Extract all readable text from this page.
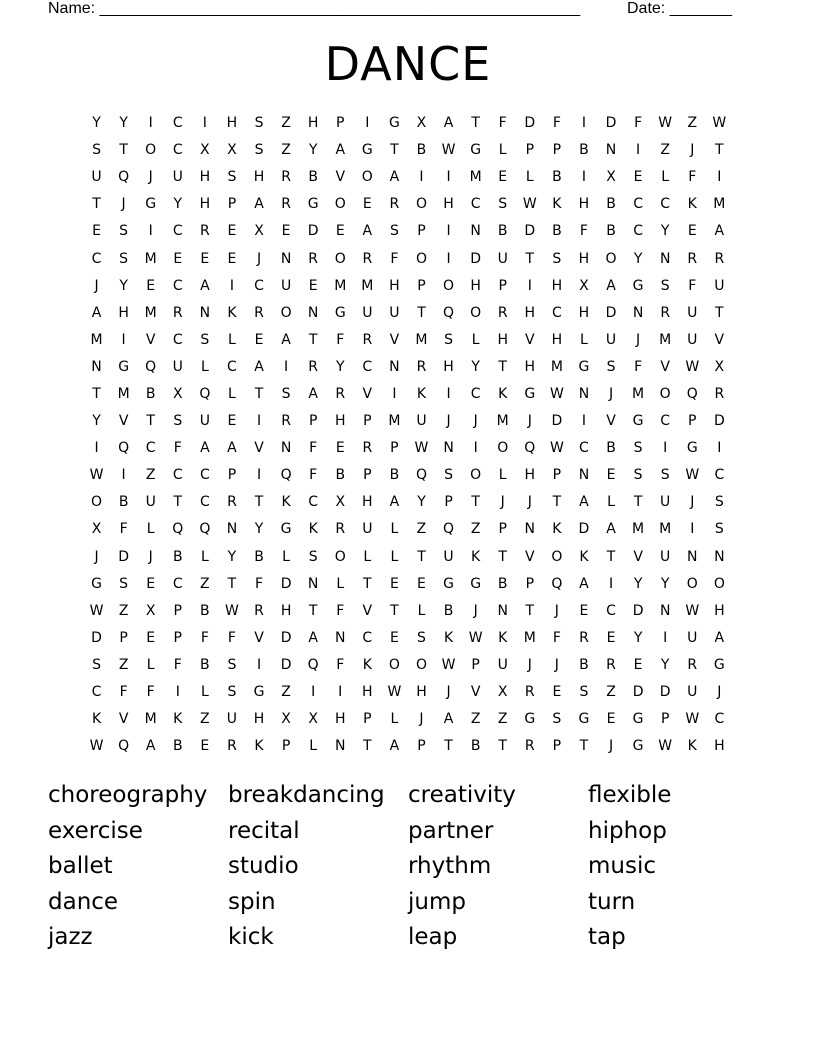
Name: ______________________________________________________	Date: _______
DANCE
Y	Y	I	C	I	H	S	Z	H	P	I	G	X	A	T	F	D	F	I	D	F	W	Z	W
S	T	O	C	X	X	S	Z	Y	A	G	T	B	W	G	L	P	P	B	N	I	Z	J	T
U	Q	J	U	H	S	H	R	B	V	O	A	I	I	M	E	L	B	I	X	E	L	F	I
T	J	G	Y	H	P	A	R	G	O	E	R	O	H	C	S	W	K	H	B	C	C	K	M
E	S	I	C	R	E	X	E	D	E	A	S	P	I	N	B	D	B	F	B	C	Y	E	A
C	S	M	E	E	E	J	N	R	O	R	F	O	I	D	U	T	S	H	O	Y	N	R	R
J	Y	E	C	A	I	C	U	E	M	M	H	P	O	H	P	I	H	X	A	G	S	F	U
A	H	M	R	N	K	R	O	N	G	U	U	T	Q	O	R	H	C	H	D	N	R	U	T
M	I	V	C	S	L	E	A	T	F	R	V	M	S	L	H	V	H	L	U	J	M	U	V
N	G	Q	U	L	C	A	I	R	Y	C	N	R	H	Y	T	H	M	G	S	F	V	W	X
T	M	B	X	Q	L	T	S	A	R	V	I	K	I	C	K	G	W	N	J	M	O	Q	R
Y	V	T	S	U	E	I	R	P	H	P	M	U	J	J	M	J	D	I	V	G	C	P	D
I	Q	C	F	A	A	V	N	F	E	R	P	W	N	I	O	Q	W	C	B	S	I	G	I
W	I	Z	C	C	P	I	Q	F	B	P	B	Q	S	O	L	H	P	N	E	S	S	W	C
O	B	U	T	C	R	T	K	C	X	H	A	Y	P	T	J	J	T	A	L	T	U	J	S
X	F	L	Q	Q	N	Y	G	K	R	U	L	Z	Q	Z	P	N	K	D	A	M	M	I	S
J	D	J	B	L	Y	B	L	S	O	L	L	T	U	K	T	V	O	K	T	V	U	N	N
G	S	E	C	Z	T	F	D	N	L	T	E	E	G	G	B	P	Q	A	I	Y	Y	O	O
W	Z	X	P	B	W	R	H	T	F	V	T	L	B	J	N	T	J	E	C	D	N	W	H
D	P	E	P	F	F	V	D	A	N	C	E	S	K	W	K	M	F	R	E	Y	I	U	A
S	Z	L	F	B	S	I	D	Q	F	K	O	O	W	P	U	J	J	B	R	E	Y	R	G
C	F	F	I	L	S	G	Z	I	I	H	W	H	J	V	X	R	E	S	Z	D	D	U	J
K	V	M	K	Z	U	H	X	X	H	P	L	J	A	Z	Z	G	S	G	E	G	P	W	C
W	Q	A	B	E	R	K	P	L	N	T	A	P	T	B	T	R	P	T	J	G	W	K	H
choreography breakdancing	creativity	flexible
exercise	recital	partner	hiphop
ballet	studio	rhythm	music
dance	spin	jump	turn
jazz	kick	leap	tap
